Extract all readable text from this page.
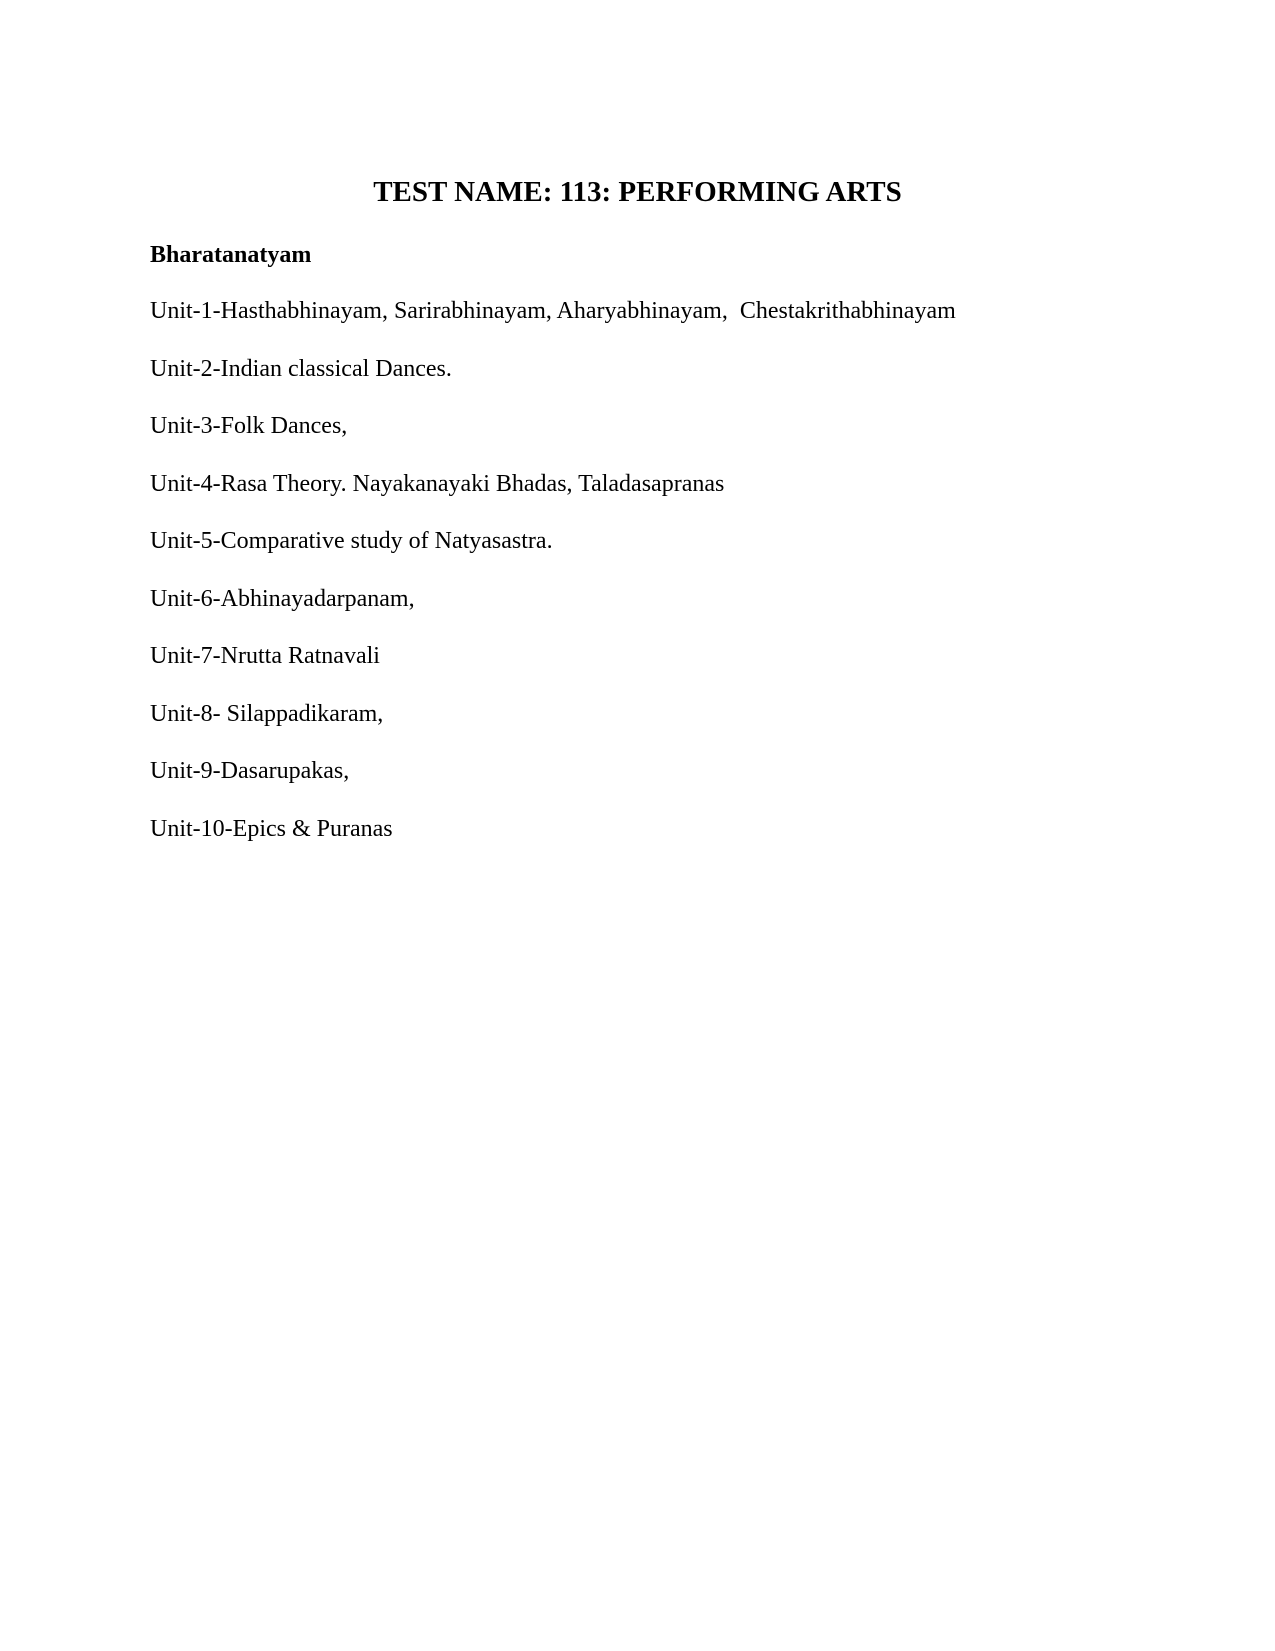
TEST NAME: 113: PERFORMING ARTS
Bharatanatyam
Unit-1-Hasthabhinayam, Sarirabhinayam, Aharyabhinayam,  Chestakrithabhinayam
Unit-2-Indian classical Dances.
Unit-3-Folk Dances,
Unit-4-Rasa Theory. Nayakanayaki Bhadas, Taladasapranas
Unit-5-Comparative study of Natyasastra.
Unit-6-Abhinayadarpanam,
Unit-7-Nrutta Ratnavali
Unit-8- Silappadikaram,
Unit-9-Dasarupakas,
Unit-10-Epics & Puranas
